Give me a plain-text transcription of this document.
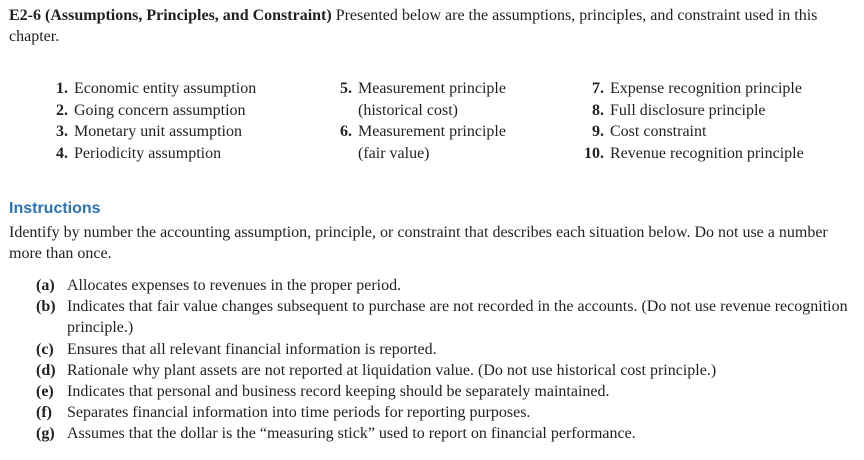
E2-6 (Assumptions, Principles, and Constraint) Presented below are the assumptions, principles, and constraint used in this chapter.
1. Economic entity assumption
2. Going concern assumption
3. Monetary unit assumption
4. Periodicity assumption
5. Measurement principle
(historical cost)
6. Measurement principle
(fair value)
7. Expense recognition principle
8. Full disclosure principle
9. Cost constraint
10. Revenue recognition principle
Instructions
Identify by number the accounting assumption, principle, or constraint that describes each situation below. Do not use a number more than once.
(a) Allocates expenses to revenues in the proper period.
(b) Indicates that fair value changes subsequent to purchase are not recorded in the accounts. (Do not use revenue recognition principle.)
(c) Ensures that all relevant financial information is reported.
(d) Rationale why plant assets are not reported at liquidation value. (Do not use historical cost principle.)
(e) Indicates that personal and business record keeping should be separately maintained.
(f) Separates financial information into time periods for reporting purposes.
(g) Assumes that the dollar is the “measuring stick” used to report on financial performance.
